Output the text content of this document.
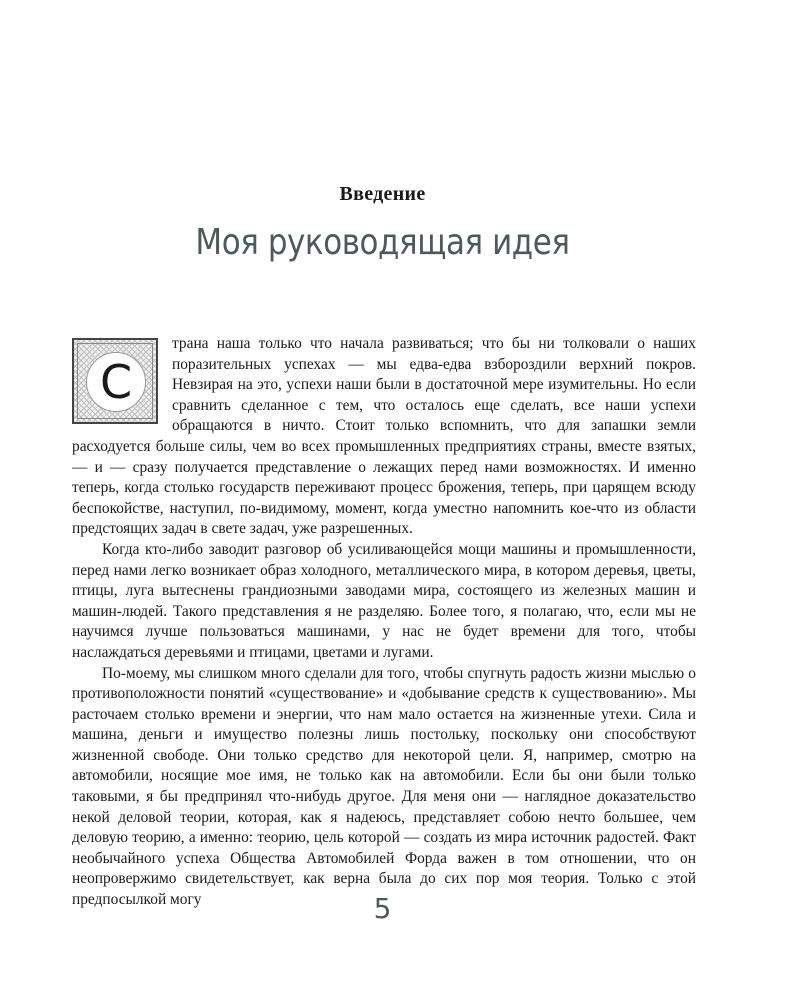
Введение
Моя руководящая идея

С
трана наша только что начала развиваться; что бы ни толковали о наших поразительных успехах — мы едва-едва взбороздили верхний покров. Невзирая на это, успехи наши были в достаточной мере изумительны. Но если сравнить сделанное с тем, что осталось еще сделать, все наши успехи обращаются в ничто. Стоит только вспомнить, что для запашки земли расходуется больше силы, чем во всех промышленных предприятиях страны, вместе взятых,— и — сразу получается представление о лежащих перед нами возможностях. И именно теперь, когда столько государств переживают процесс брожения, теперь, при царящем всюду беспокойстве, наступил, по-видимому, момент, когда уместно напомнить кое-что из области предстоящих задач в свете задач, уже разрешенных.

Когда кто-либо заводит разговор об усиливающейся мощи машины и промышленности, перед нами легко возникает образ холодного, металлического мира, в котором деревья, цветы, птицы, луга вытеснены грандиозными заводами мира, состоящего из железных машин и машин-людей. Такого представления я не разделяю. Более того, я полагаю, что, если мы не научимся лучше пользоваться машинами, у нас не будет времени для того, чтобы наслаждаться деревьями и птицами, цветами и лугами.

По-моему, мы слишком много сделали для того, чтобы спугнуть радость жизни мыслью о противоположности понятий «существование» и «добывание средств к существованию». Мы расточаем столько времени и энергии, что нам мало остается на жизненные утехи. Сила и машина, деньги и имущество полезны лишь постольку, поскольку они способствуют жизненной свободе. Они только средство для некоторой цели. Я, например, смотрю на автомобили, носящие мое имя, не только как на автомобили. Если бы они были только таковыми, я бы предпринял что-нибудь другое. Для меня они — наглядное доказательство некой деловой теории, которая, как я надеюсь, представляет собою нечто большее, чем деловую теорию, а именно: теорию, цель которой — создать из мира источник радостей. Факт необычайного успеха Общества Автомобилей Форда важен в том отношении, что он неопровержимо свидетельствует, как верна была до сих пор моя теория. Только с этой предпосылкой могу	5
